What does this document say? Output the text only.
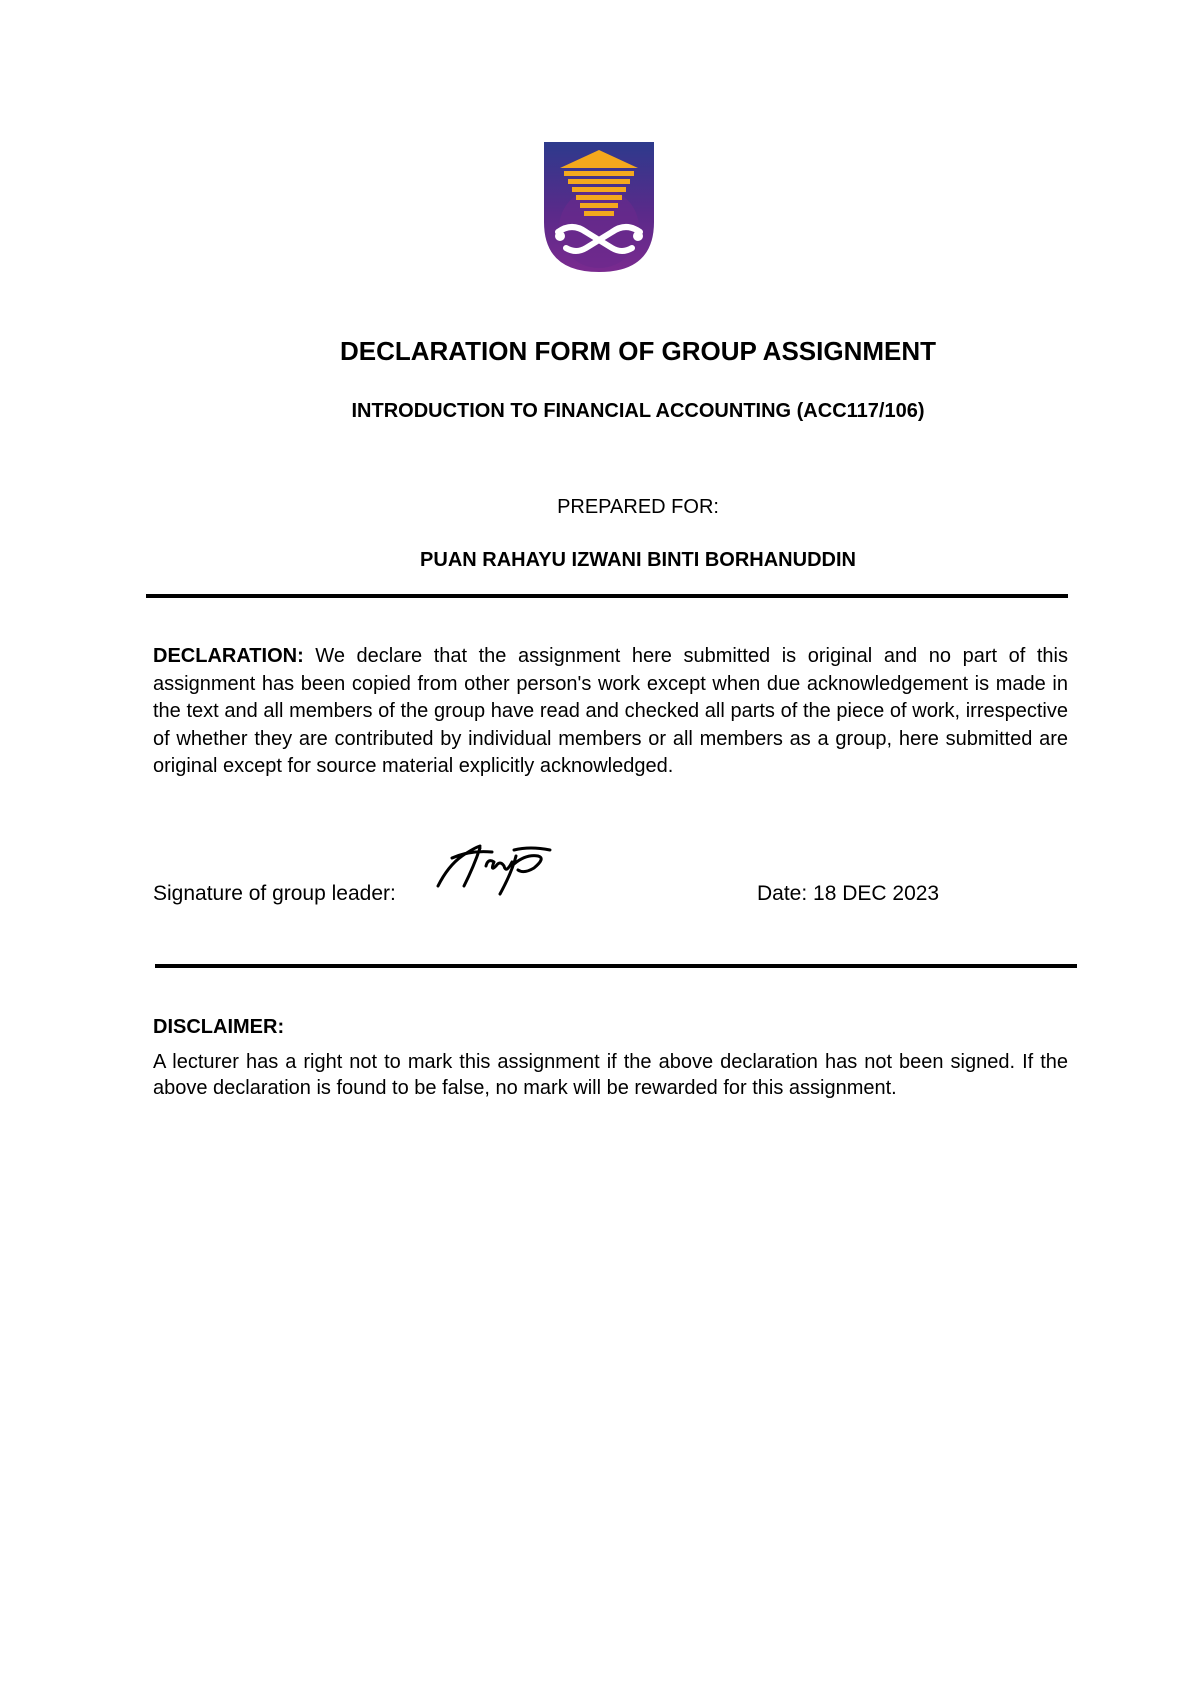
DECLARATION FORM OF GROUP ASSIGNMENT
INTRODUCTION TO FINANCIAL ACCOUNTING (ACC117/106)
PREPARED FOR:
PUAN RAHAYU IZWANI BINTI BORHANUDDIN
DECLARATION: We declare that the assignment here submitted is original and no part of this assignment has been copied from other person's work except when due acknowledgement is made in the text and all members of the group have read and checked all parts of the piece of work, irrespective of whether they are contributed by individual members or all members as a group, here submitted are original except for source material explicitly acknowledged.
Signature of group leader:	Date: 18 DEC 2023
DISCLAIMER:
A lecturer has a right not to mark this assignment if the above declaration has not been signed. If the above declaration is found to be false, no mark will be rewarded for this assignment.
